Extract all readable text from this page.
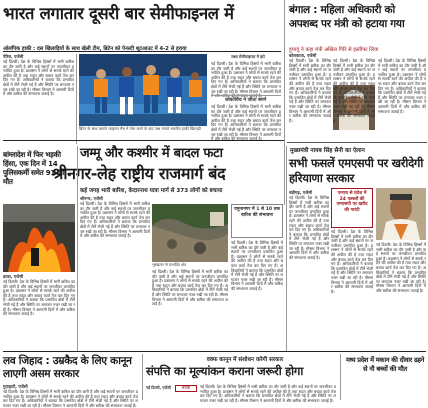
भारत लगातार दूसरी बार सेमीफाइनल में
ओलंपिक हाकी : दस खिलाड़ियों के साथ खेली टीम, ब्रिटेन को पेनल्टी शूटआउट में 4-2 से हराया
पेरिस, एजेंसी
नई दिल्ली। देश के विभिन्न हिस्सों में भारी बारिश का दौर जारी है और कई स्थानों पर जनजीवन प्रभावित हुआ है। प्रशासन ने लोगों से सतर्क रहने की अपील की है तथा राहत और बचाव कार्य तेज कर दिए गए हैं। अधिकारियों ने बताया कि प्रभावित क्षेत्रों में टीमें भेजी गई हैं और स्थिति पर लगातार नजर रखी जा रही है। मौसम विभाग ने आगामी दिनों में और बारिश की संभावना जताई है।
ब्रिटेन के साथ क्वार्टर फाइनल मैच में गोल करने के बाद जश्न मनाते भारतीय हाकी खिलाड़ी
लक्ष्य सेमीफाइनल में हारे
नई दिल्ली। देश के विभिन्न हिस्सों में भारी बारिश का दौर जारी है और कई स्थानों पर जनजीवन प्रभावित हुआ है। प्रशासन ने लोगों से सतर्क रहने की अपील की है तथा राहत और बचाव कार्य तेज कर दिए गए हैं। अधिकारियों ने बताया कि प्रभावित क्षेत्रों में टीमें भेजी गई हैं और स्थिति पर लगातार नजर रखी जा रही है। मौसम विभाग ने आगामी दिनों में और बारिश की संभावना जताई है।
जोकोविच ने जीता स्वर्ण
नई दिल्ली। देश के विभिन्न हिस्सों में भारी बारिश का दौर जारी है और कई स्थानों पर जनजीवन प्रभावित हुआ है। प्रशासन ने लोगों से सतर्क रहने की अपील की है तथा राहत और बचाव कार्य तेज कर दिए गए हैं। अधिकारियों ने बताया कि प्रभावित क्षेत्रों में टीमें भेजी गई हैं और स्थिति पर लगातार नजर रखी जा रही है। मौसम विभाग ने आगामी दिनों में और बारिश की संभावना जताई है।
बंगाल : महिला अधिकारी को अपशब्द पर मंत्री को हटाया गया
हुमायूं ने कहा मंत्री अखिल गिरि से इस्तीफा लिया
कोलकाता, एजेंसी
नई दिल्ली। देश के विभिन्न हिस्सों में भारी बारिश का दौर जारी है और कई स्थानों पर जनजीवन प्रभावित हुआ है। प्रशासन ने लोगों से सतर्क रहने की अपील की है तथा राहत और बचाव कार्य तेज कर दिए गए हैं। अधिकारियों ने बताया कि प्रभावित क्षेत्रों में टीमें भेजी गई हैं और स्थिति पर लगातार नजर रखी जा रही है। मौसम विभाग ने आगामी दिनों में और बारिश की संभावना जताई है।
नई दिल्ली। देश के विभिन्न हिस्सों में भारी बारिश का दौर जारी है और कई स्थानों पर जनजीवन प्रभावित हुआ है। प्रशासन ने लोगों से सतर्क रहने की अपील की है तथा राहत और बचाव कार्य तेज कर दिए गए हैं। अधिकारियों ने बताया कि प्रभावित क्षेत्रों में टीमें भेजी गई हैं और स्थिति पर लगातार नजर रखी जा रही है। मौसम विभाग ने आगामी दिनों में और बारिश की संभावना जताई है।
नई दिल्ली। देश के विभिन्न हिस्सों में भारी बारिश का दौर जारी है और कई स्थानों पर जनजीवन प्रभावित हुआ है। प्रशासन ने लोगों से सतर्क रहने की अपील की है तथा राहत और बचाव कार्य तेज कर दिए गए हैं। अधिकारियों ने बताया कि प्रभावित क्षेत्रों में टीमें भेजी गई हैं और स्थिति पर लगातार नजर रखी जा रही है। मौसम विभाग ने आगामी दिनों में और बारिश की संभावना जताई है।
जम्मू और कश्मीर में बादल फटा
श्रीनगर-लेह राष्ट्रीय राजमार्ग बंद
कई जगह भारी बारिश, केदारनाथ यात्रा मार्ग से 373 लोगों को बचाया
बांग्लादेश में फिर भड़की हिंसा, एक दिन में 14 पुलिसकर्मी समेत 91 की मौत
ढाका, एजेंसी
नई दिल्ली। देश के विभिन्न हिस्सों में भारी बारिश का दौर जारी है और कई स्थानों पर जनजीवन प्रभावित हुआ है। प्रशासन ने लोगों से सतर्क रहने की अपील की है तथा राहत और बचाव कार्य तेज कर दिए गए हैं। अधिकारियों ने बताया कि प्रभावित क्षेत्रों में टीमें भेजी गई हैं और स्थिति पर लगातार नजर रखी जा रही है। मौसम विभाग ने आगामी दिनों में और बारिश की संभावना जताई है।
श्रीनगर, एजेंसी
नई दिल्ली। देश के विभिन्न हिस्सों में भारी बारिश का दौर जारी है और कई स्थानों पर जनजीवन प्रभावित हुआ है। प्रशासन ने लोगों से सतर्क रहने की अपील की है तथा राहत और बचाव कार्य तेज कर दिए गए हैं। अधिकारियों ने बताया कि प्रभावित क्षेत्रों में टीमें भेजी गई हैं और स्थिति पर लगातार नजर रखी जा रही है। मौसम विभाग ने आगामी दिनों में और बारिश की संभावना जताई है।
भूस्खलन से प्रभावित क्षेत्र
यमुनानगर में 1 से 10 तक बारिश की संभावना
नई दिल्ली। देश के विभिन्न हिस्सों में भारी बारिश का दौर जारी है और कई स्थानों पर जनजीवन प्रभावित हुआ है। प्रशासन ने लोगों से सतर्क रहने की अपील की है तथा राहत और बचाव कार्य तेज कर दिए गए हैं। अधिकारियों ने बताया कि प्रभावित क्षेत्रों में टीमें भेजी गई हैं और स्थिति पर लगातार नजर रखी जा रही है। मौसम विभाग ने आगामी दिनों में और बारिश की संभावना जताई है।
नई दिल्ली। देश के विभिन्न हिस्सों में भारी बारिश का दौर जारी है और कई स्थानों पर जनजीवन प्रभावित हुआ है। प्रशासन ने लोगों से सतर्क रहने की अपील की है तथा राहत और बचाव कार्य तेज कर दिए गए हैं। अधिकारियों ने बताया कि प्रभावित क्षेत्रों में टीमें भेजी गई हैं और स्थिति पर लगातार नजर रखी जा रही है। मौसम विभाग ने आगामी दिनों में और बारिश की संभावना जताई है।
मुख्यमंत्री नायब सिंह सैनी का ऐलान
सभी फसलें एमएसपी पर खरीदेगी हरियाणा सरकार
एनएच से प्रदेश में 24 फसलों की एमएसपी पर खरीद की गारंटी
चंडीगढ़, एजेंसी
नई दिल्ली। देश के विभिन्न हिस्सों में भारी बारिश का दौर जारी है और कई स्थानों पर जनजीवन प्रभावित हुआ है। प्रशासन ने लोगों से सतर्क रहने की अपील की है तथा राहत और बचाव कार्य तेज कर दिए गए हैं। अधिकारियों ने बताया कि प्रभावित क्षेत्रों में टीमें भेजी गई हैं और स्थिति पर लगातार नजर रखी जा रही है। मौसम विभाग ने आगामी दिनों में और बारिश की संभावना जताई है।
नई दिल्ली। देश के विभिन्न हिस्सों में भारी बारिश का दौर जारी है और कई स्थानों पर जनजीवन प्रभावित हुआ है। प्रशासन ने लोगों से सतर्क रहने की अपील की है तथा राहत और बचाव कार्य तेज कर दिए गए हैं। अधिकारियों ने बताया कि प्रभावित क्षेत्रों में टीमें भेजी गई हैं और स्थिति पर लगातार नजर रखी जा रही है। मौसम विभाग ने आगामी दिनों में और बारिश की संभावना जताई है।
नई दिल्ली। देश के विभिन्न हिस्सों में भारी बारिश का दौर जारी है और कई स्थानों पर जनजीवन प्रभावित हुआ है। प्रशासन ने लोगों से सतर्क रहने की अपील की है तथा राहत और बचाव कार्य तेज कर दिए गए हैं। अधिकारियों ने बताया कि प्रभावित क्षेत्रों में टीमें भेजी गई हैं और स्थिति पर लगातार नजर रखी जा रही है। मौसम विभाग ने आगामी दिनों में और बारिश की संभावना जताई है।
लव जिहाद : उम्रकैद के लिए कानून लाएगी असम सरकार
गुवाहाटी, एजेंसी
नई दिल्ली। देश के विभिन्न हिस्सों में भारी बारिश का दौर जारी है और कई स्थानों पर जनजीवन प्रभावित हुआ है। प्रशासन ने लोगों से सतर्क रहने की अपील की है तथा राहत और बचाव कार्य तेज कर दिए गए हैं। अधिकारियों ने बताया कि प्रभावित क्षेत्रों में टीमें भेजी गई हैं और स्थिति पर लगातार नजर रखी जा रही है। मौसम विभाग ने आगामी दिनों में और बारिश की संभावना जताई है।
वक्फ कानून में संशोधन करेगी सरकार
संपत्ति का मूल्यांकन कराना जरूरी होगा
ताकि
नई दिल्ली, एजेंसी	नई दिल्ली। देश के विभिन्न हिस्सों में भारी बारिश का दौर जारी है और कई स्थानों पर जनजीवन प्रभावित हुआ है। प्रशासन ने लोगों से सतर्क रहने की अपील की है तथा राहत और बचाव कार्य तेज कर दिए गए हैं। अधिकारियों ने बताया कि प्रभावित क्षेत्रों में टीमें भेजी गई हैं और स्थिति पर लगातार नजर रखी जा रही है। मौसम विभाग ने आगामी दिनों में और बारिश की संभावना जताई है।
मध्य प्रदेश में मकान की दीवार ढहने से नौ बच्चों की मौत
